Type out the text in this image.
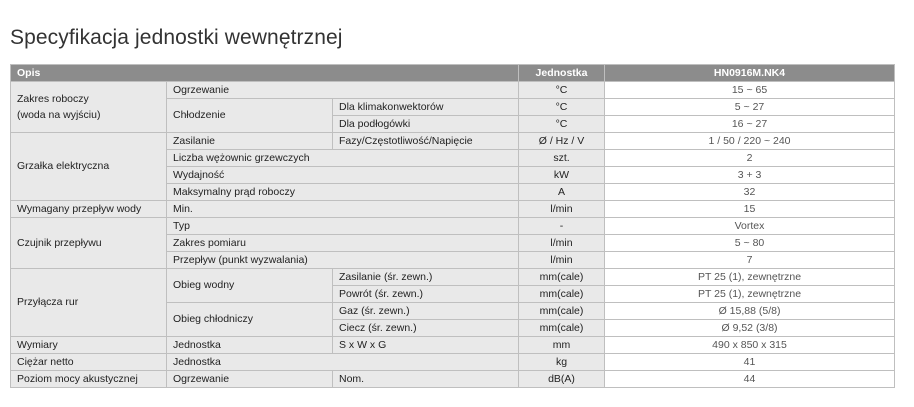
Specyfikacja jednostki wewnętrznej
Opis			Jednostka	HN0916M.NK4
Zakres roboczy
(woda na wyjściu)	Ogrzewanie		°C	15 ~ 65
	Chłodzenie	Dla klimakonwektorów	°C	5 ~ 27
		Dla podłogówki	°C	16 ~ 27
Grzałka elektryczna	Zasilanie	Fazy/Częstotliwość/Napięcie	Ø / Hz / V	1 / 50 / 220 ~ 240
	Liczba wężownic grzewczych		szt.	2
	Wydajność		kW	3 + 3
	Maksymalny prąd roboczy		A	32
Wymagany przepływ wody	Min.		l/min	15
Czujnik przepływu	Typ		-	Vortex
	Zakres pomiaru		l/min	5 ~ 80
	Przepływ (punkt wyzwalania)		l/min	7
Przyłącza rur	Obieg wodny	Zasilanie (śr. zewn.)	mm(cale)	PT 25 (1), zewnętrzne
		Powrót (śr. zewn.)	mm(cale)	PT 25 (1), zewnętrzne
	Obieg chłodniczy	Gaz (śr. zewn.)	mm(cale)	Ø 15,88 (5/8)
		Ciecz (śr. zewn.)	mm(cale)	Ø 9,52 (3/8)
Wymiary	Jednostka	S x W x G	mm	490 x 850 x 315
Ciężar netto	Jednostka		kg	41
Poziom mocy akustycznej	Ogrzewanie	Nom.	dB(A)	44
